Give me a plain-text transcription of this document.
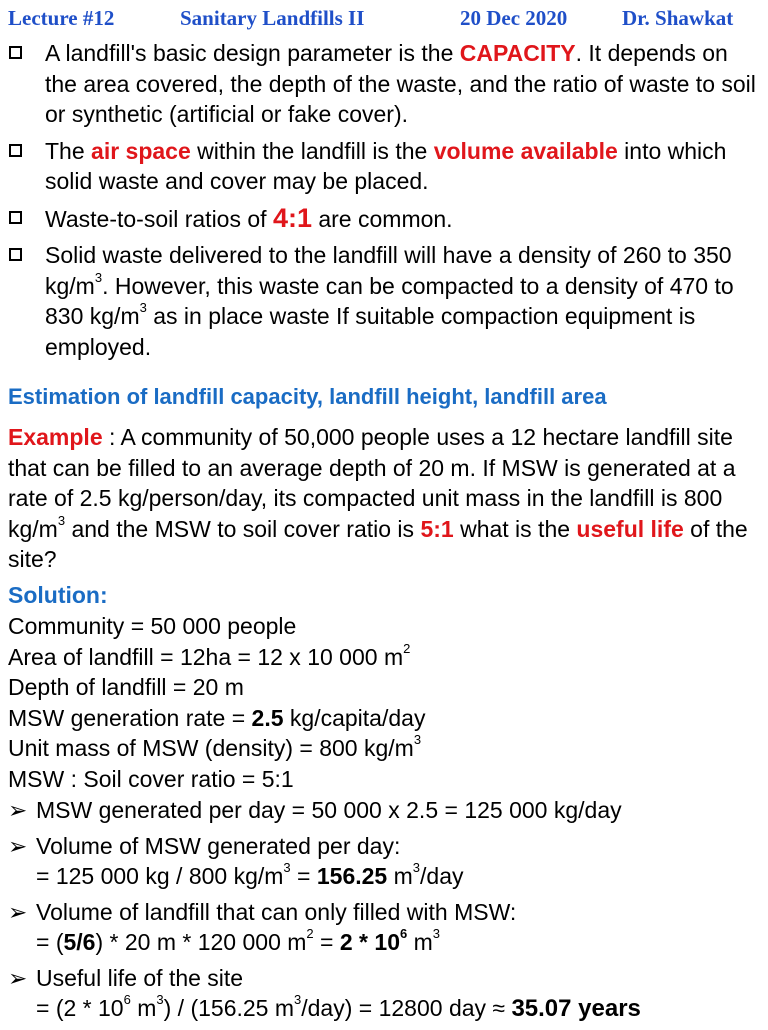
Lecture #12	Sanitary Landfills II	20 Dec 2020	Dr. Shawkat
A landfill's basic design parameter is the CAPACITY. It depends on the area covered, the depth of the waste, and the ratio of waste to soil or synthetic (artificial or fake cover).
The air space within the landfill is the volume available into which solid waste and cover may be placed.
Waste-to-soil ratios of 4:1 are common.
Solid waste delivered to the landfill will have a density of 260 to 350 $kg/m^3$. However, this waste can be compacted to a density of 470 to 830 $kg/m^3$ as in place waste If suitable compaction equipment is employed.
Estimation of landfill capacity, landfill height, landfill area
Example : A community of 50,000 people uses a 12 hectare landfill site that can be filled to an average depth of 20 m. If MSW is generated at a rate of 2.5 kg/person/day, its compacted unit mass in the landfill is 800 $kg/m^3$ and the MSW to soil cover ratio is 5:1 what is the useful life of the site?
Solution:
Community = 50 000 people
Area of landfill = 12ha = 12 x 10 000 $m^2$
Depth of landfill = 20 m
MSW generation rate = 2.5 kg/capita/day
Unit mass of MSW (density) = 800 $kg/m^3$
MSW : Soil cover ratio = 5:1
➢ MSW generated per day = 50 000 x 2.5 = 125 000 kg/day
➢ Volume of MSW generated per day:
= 125 000 kg / 800 $kg/m^3 = 156.25$ $m^3$/day
➢ Volume of landfill that can only filled with MSW:
= (5/6) * 20 m * 120 000 $m^2 = 2 * 10^6$ $m^3$
➢ Useful life of the site
= ($2 * 10^6$ $m^3) / (156.25$ $m^3/day) = 12800$ day ≈ 35.07 years
